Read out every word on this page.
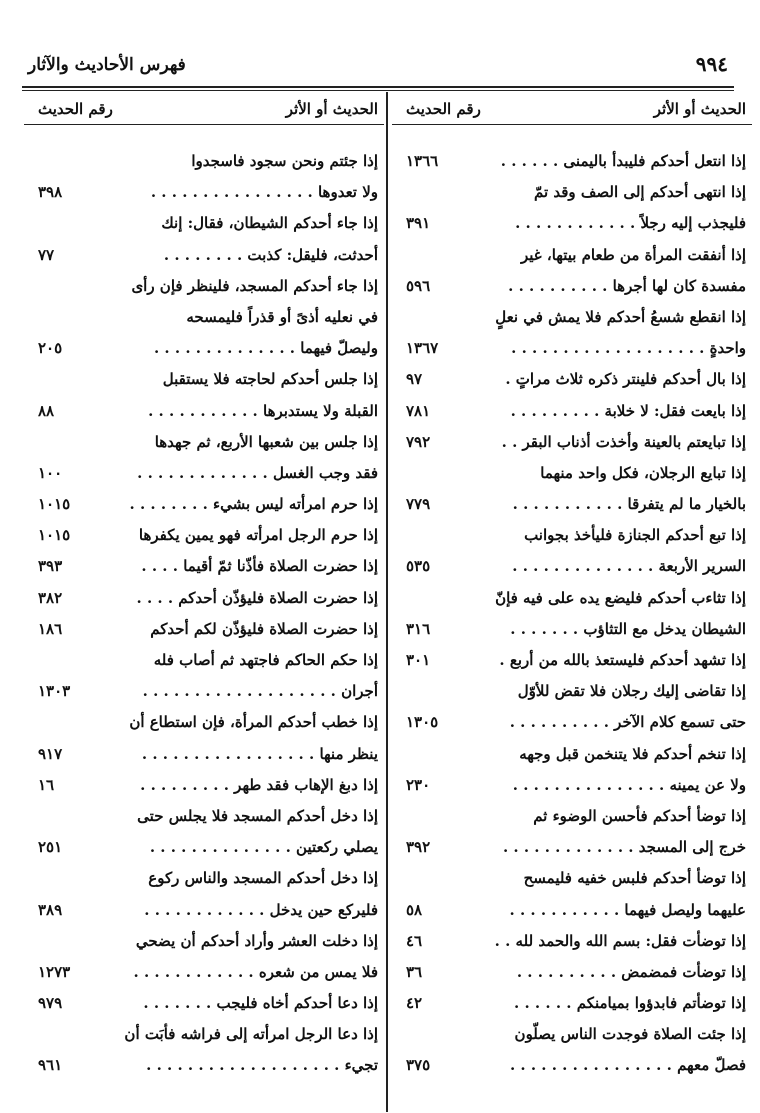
فهرس الأحاديث والآثار	٩٩٤
الحديث أو الأثر
رقم الحديث
إذا انتعل أحدكم فليبدأ باليمنى . . . . . .
١٣٦٦
إذا انتهى أحدكم إلى الصف وقد تمّ
فليجذب إليه رجلاً . . . . . . . . . . . .
٣٩١
إذا أنفقت المرأة من طعام بيتها، غير
مفسدة كان لها أجرها . . . . . . . . . .
٥٩٦
إذا انقطع شسعُ أحدكم فلا يمش في نعلٍ
واحدةٍ . . . . . . . . . . . . . . . . . . .
١٣٦٧
إذا بال أحدكم فلينتر ذكره ثلاث مراتٍ .
٩٧
إذا بايعت فقل: لا خلابة . . . . . . . . .
٧٨١
إذا تبايعتم بالعينة وأخذت أذناب البقر . .
٧٩٢
إذا تبايع الرجلان، فكل واحد منهما
بالخيار ما لم يتفرقا . . . . . . . . . . .
٧٧٩
إذا تبع أحدكم الجنازة فليأخذ بجوانب
السرير الأربعة . . . . . . . . . . . . . .
٥٣٥
إذا تثاءب أحدكم فليضع يده على فيه فإنّ
الشيطان يدخل مع التثاؤب . . . . . . .
٣١٦
إذا تشهد أحدكم فليستعذ بالله من أربع .
٣٠١
إذا تقاضى إليك رجلان فلا تقض للأوّل
حتى تسمع كلام الآخر . . . . . . . . . .
١٣٠٥
إذا تنخم أحدكم فلا يتنخمن قبل وجهه
ولا عن يمينه . . . . . . . . . . . . . . .
٢٣٠
إذا توضأ أحدكم فأحسن الوضوء ثم
خرج إلى المسجد . . . . . . . . . . . . .
٣٩٢
إذا توضأ أحدكم فلبس خفيه فليمسح
عليهما وليصل فيهما . . . . . . . . . . .
٥٨
إذا توضأت فقل: بسم الله والحمد لله . .
٤٦
إذا توضأت فمضمض . . . . . . . . . .
٣٦
إذا توضأتم فابدؤوا بميامنكم . . . . . .
٤٢
إذا جئت الصلاة فوجدت الناس يصلّون
فصلّ معهم . . . . . . . . . . . . . . . .
٣٧٥
الحديث أو الأثر
رقم الحديث
إذا جئتم ونحن سجود فاسجدوا
ولا تعدوها . . . . . . . . . . . . . . . .
٣٩٨
إذا جاء أحدكم الشيطان، فقال: إنك
أحدثت، فليقل: كذبت . . . . . . . .
٧٧
إذا جاء أحدكم المسجد، فلينظر فإن رأى
في نعليه أذىً أو قذراً فليمسحه
وليصلّ فيهما . . . . . . . . . . . . . .
٢٠٥
إذا جلس أحدكم لحاجته فلا يستقبل
القبلة ولا يستدبرها . . . . . . . . . . .
٨٨
إذا جلس بين شعبها الأربع، ثم جهدها
فقد وجب الغسل . . . . . . . . . . . . .
١٠٠
إذا حرم امرأته ليس بشيء . . . . . . . .
١٠١٥
إذا حرم الرجل امرأته فهو يمين يكفرها
١٠١٥
إذا حضرت الصلاة فأذّنا ثمّ أقيما . . . .
٣٩٣
إذا حضرت الصلاة فليؤذّن أحدكم . . . .
٣٨٢
إذا حضرت الصلاة فليؤذّن لكم أحدكم
١٨٦
إذا حكم الحاكم فاجتهد ثم أصاب فله
أجران . . . . . . . . . . . . . . . . . . .
١٣٠٣
إذا خطب أحدكم المرأة، فإن استطاع أن
ينظر منها . . . . . . . . . . . . . . . . .
٩١٧
إذا دبغ الإهاب فقد طهر . . . . . . . . .
١٦
إذا دخل أحدكم المسجد فلا يجلس حتى
يصلي ركعتين . . . . . . . . . . . . . .
٢٥١
إذا دخل أحدكم المسجد والناس ركوع
فليركع حين يدخل . . . . . . . . . . . .
٣٨٩
إذا دخلت العشر وأراد أحدكم أن يضحي
فلا يمس من شعره . . . . . . . . . . . .
١٢٧٣
إذا دعا أحدكم أخاه فليجب . . . . . . .
٩٧٩
إذا دعا الرجل امرأته إلى فراشه فأبَت أن
تجيء . . . . . . . . . . . . . . . . . . .
٩٦١
